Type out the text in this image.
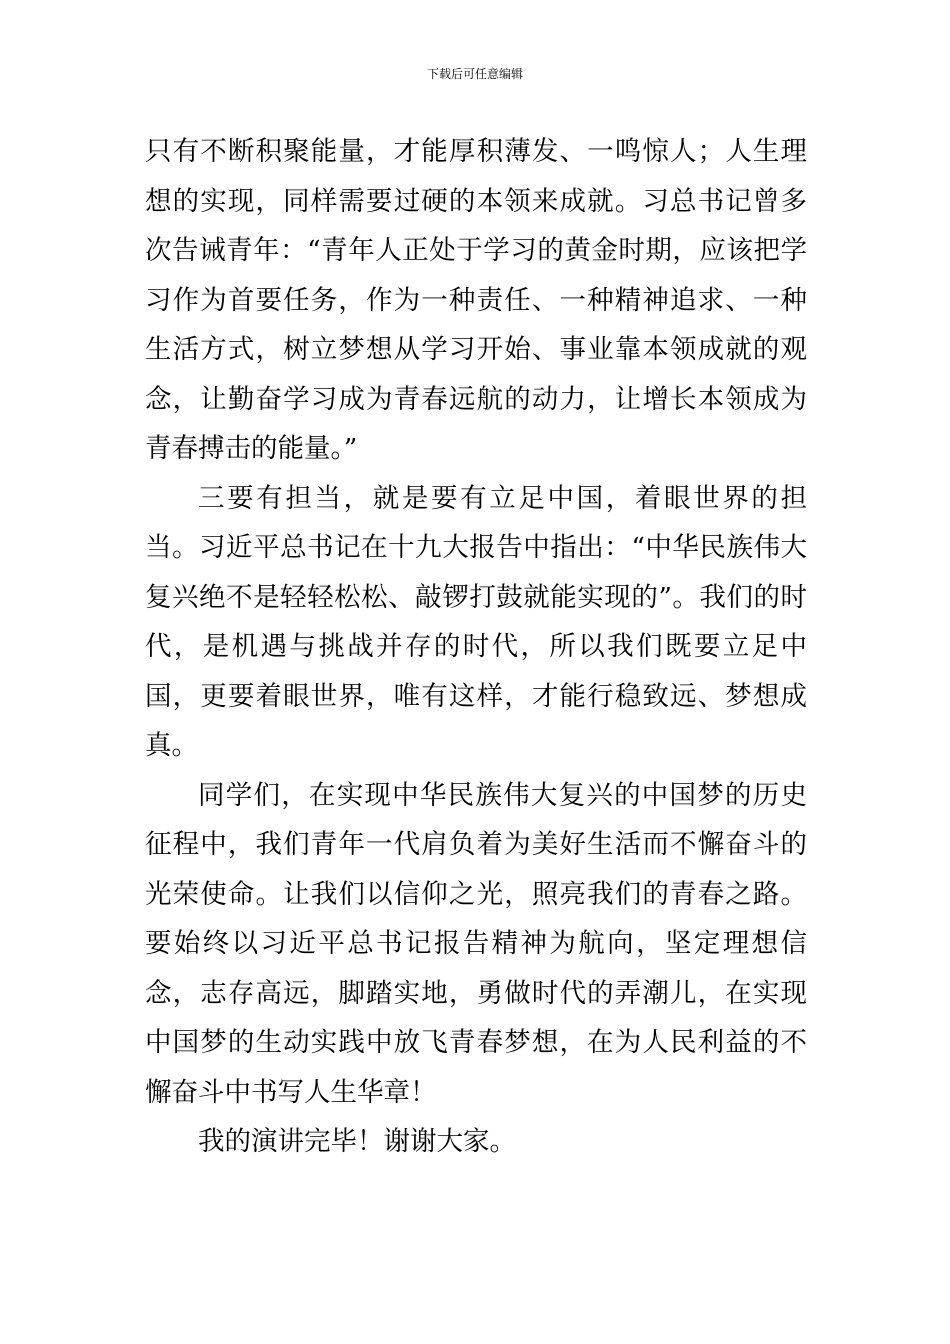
下载后可任意编辑

只有不断积聚能量，才能厚积薄发、一鸣惊人；人生理想的实现，同样需要过硬的本领来成就。习总书记曾多次告诫青年：“青年人正处于学习的黄金时期，应该把学习作为首要任务，作为一种责任、一种精神追求、一种生活方式，树立梦想从学习开始、事业靠本领成就的观念，让勤奋学习成为青春远航的动力，让增长本领成为青春搏击的能量。”

三要有担当，就是要有立足中国，着眼世界的担当。习近平总书记在十九大报告中指出：“中华民族伟大复兴绝不是轻轻松松、敲锣打鼓就能实现的”。我们的时代，是机遇与挑战并存的时代，所以我们既要立足中国，更要着眼世界，唯有这样，才能行稳致远、梦想成真。

同学们，在实现中华民族伟大复兴的中国梦的历史征程中，我们青年一代肩负着为美好生活而不懈奋斗的光荣使命。让我们以信仰之光，照亮我们的青春之路。要始终以习近平总书记报告精神为航向，坚定理想信念，志存高远，脚踏实地，勇做时代的弄潮儿，在实现中国梦的生动实践中放飞青春梦想，在为人民利益的不懈奋斗中书写人生华章！

我的演讲完毕！谢谢大家。
